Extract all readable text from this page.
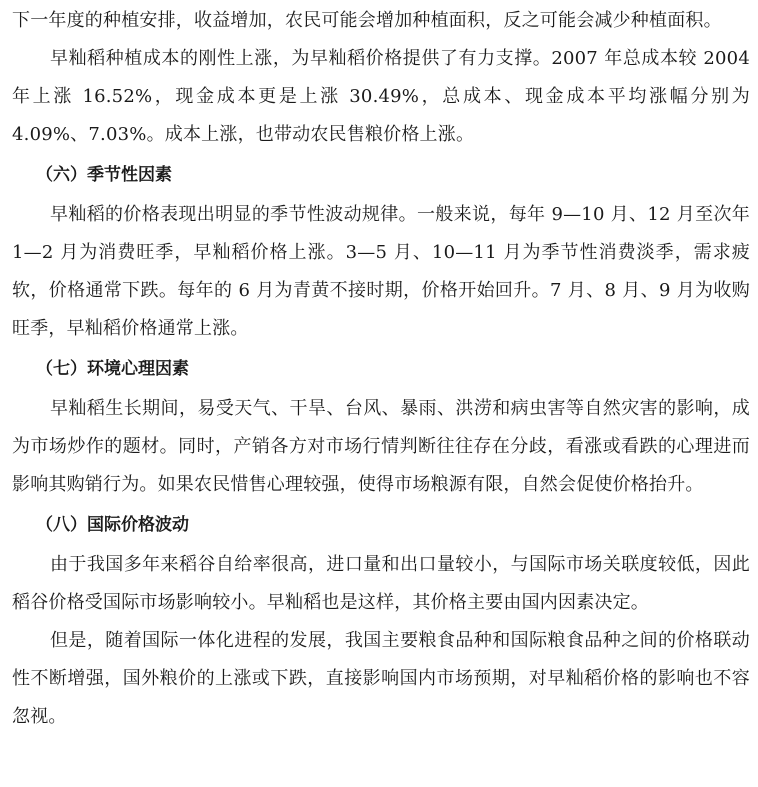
下一年度的种植安排，收益增加，农民可能会增加种植面积，反之可能会减少种植面积。

早籼稻种植成本的刚性上涨，为早籼稻价格提供了有力支撑。2007 年总成本较 2004 年上涨 16.52%，现金成本更是上涨 30.49%，总成本、现金成本平均涨幅分别为 4.09%、7.03%。成本上涨，也带动农民售粮价格上涨。

（六）季节性因素

早籼稻的价格表现出明显的季节性波动规律。一般来说，每年 9—10 月、12 月至次年 1—2 月为消费旺季，早籼稻价格上涨。3—5 月、10—11 月为季节性消费淡季，需求疲软，价格通常下跌。每年的 6 月为青黄不接时期，价格开始回升。7 月、8 月、9 月为收购旺季，早籼稻价格通常上涨。

（七）环境心理因素

早籼稻生长期间，易受天气、干旱、台风、暴雨、洪涝和病虫害等自然灾害的影响，成为市场炒作的题材。同时，产销各方对市场行情判断往往存在分歧，看涨或看跌的心理进而影响其购销行为。如果农民惜售心理较强，使得市场粮源有限，自然会促使价格抬升。

（八）国际价格波动

由于我国多年来稻谷自给率很高，进口量和出口量较小，与国际市场关联度较低，因此稻谷价格受国际市场影响较小。早籼稻也是这样，其价格主要由国内因素决定。

但是，随着国际一体化进程的发展，我国主要粮食品种和国际粮食品种之间的价格联动性不断增强，国外粮价的上涨或下跌，直接影响国内市场预期，对早籼稻价格的影响也不容忽视。
